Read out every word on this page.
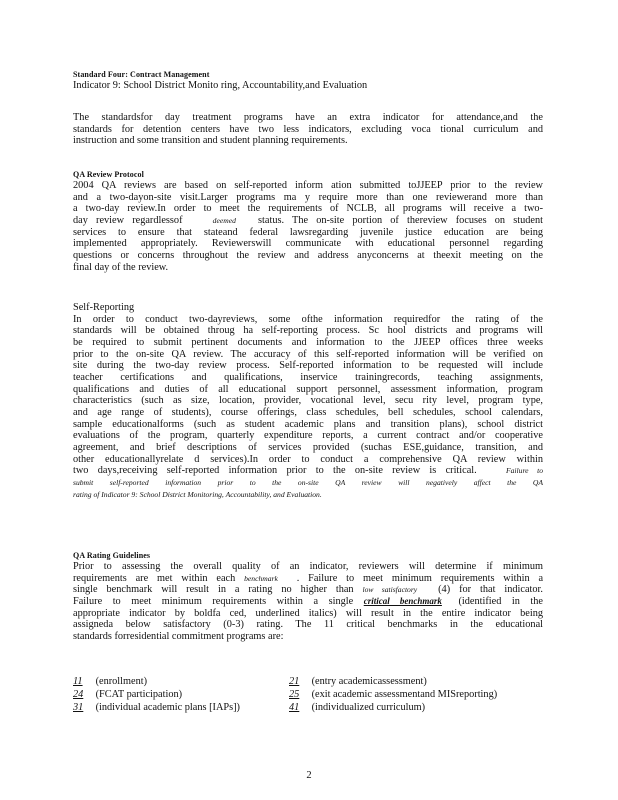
Standard Four: Contract Management
Indicator 9: School District Monito ring, Accountability,and Evaluation
The standardsfor day treatment programs have an extra indicator for attendance,and the
standards for detention centers have two less indicators, excluding voca tional curriculum and
instruction and some transition and student planning requirements.
QA Review Protocol
2004 QA reviews are based on self-reported inform ation submitted toJJEEP prior to the review
and a two-dayon-site visit.Larger programs ma y require more than one reviewerand more than
a two-day review.In order to meet the requirements of NCLB, all programs will receive a two-
day review regardlessof	deemed status. The on-site portion of thereview focuses on student
services to ensure that stateand federal lawsregarding juvenile justice education are being
implemented appropriately. Reviewerswill communicate with educational personnel regarding
questions or concerns throughout the review and address anyconcerns at theexit meeting on the
final day of the review.
Self-Reporting
In order to conduct two-dayreviews, some ofthe information requiredfor the rating of the
standards will be obtained throug ha self-reporting process. Sc hool districts and programs will
be required to submit pertinent documents and information to the JJEEP offices three weeks
prior to the on-site QA review. The accuracy of this self-reported information will be verified on
site during the two-day review process. Self-reported information to be requested will include
teacher certifications and qualifications, inservice trainingrecords, teaching assignments,
qualifications and duties of all educational support personnel, assessment information, program
characteristics (such as size, location, provider, vocational level, secu rity level, program type,
and age range of students), course offerings, class schedules, bell schedules, school calendars,
sample educationalforms (such as student academic plans and transition plans), school district
evaluations of the program, quarterly expenditure reports, a current contract and/or cooperative
agreement, and brief descriptions of services provided (suchas ESE,guidance, transition, and
other educationallyrelate d services).In order to conduct a comprehensive QA review within
two days,receiving self-reported information prior to the on-site review is critical.	Failure to
submit self-reported information prior to the on-site QA review will negatively affect the QA
rating of Indicator 9: School District Monitoring, Accountability, and Evaluation.
QA Rating Guidelines
Prior to assessing the overall quality of an indicator, reviewers will determine if minimum
requirements are met within each benchmark . Failure to meet minimum requirements within a
single benchmark will result in a rating no higher than low satisfactory (4) for that indicator.
Failure to meet minimum requirements within a single critical benchmark (identified in the
appropriate indicator by boldfa ced, underlined italics) will result in the entire indicator being
assigneda below satisfactory (0-3) rating. The 11 critical benchmarks in the educational
standards forresidential commitment programs are:
11 (enrollment)
24 (FCAT participation)
31 (individual academic plans [IAPs])
21 (entry academicassessment)
25 (exit academic assessmentand MISreporting)
41 (individualized curriculum)
2
